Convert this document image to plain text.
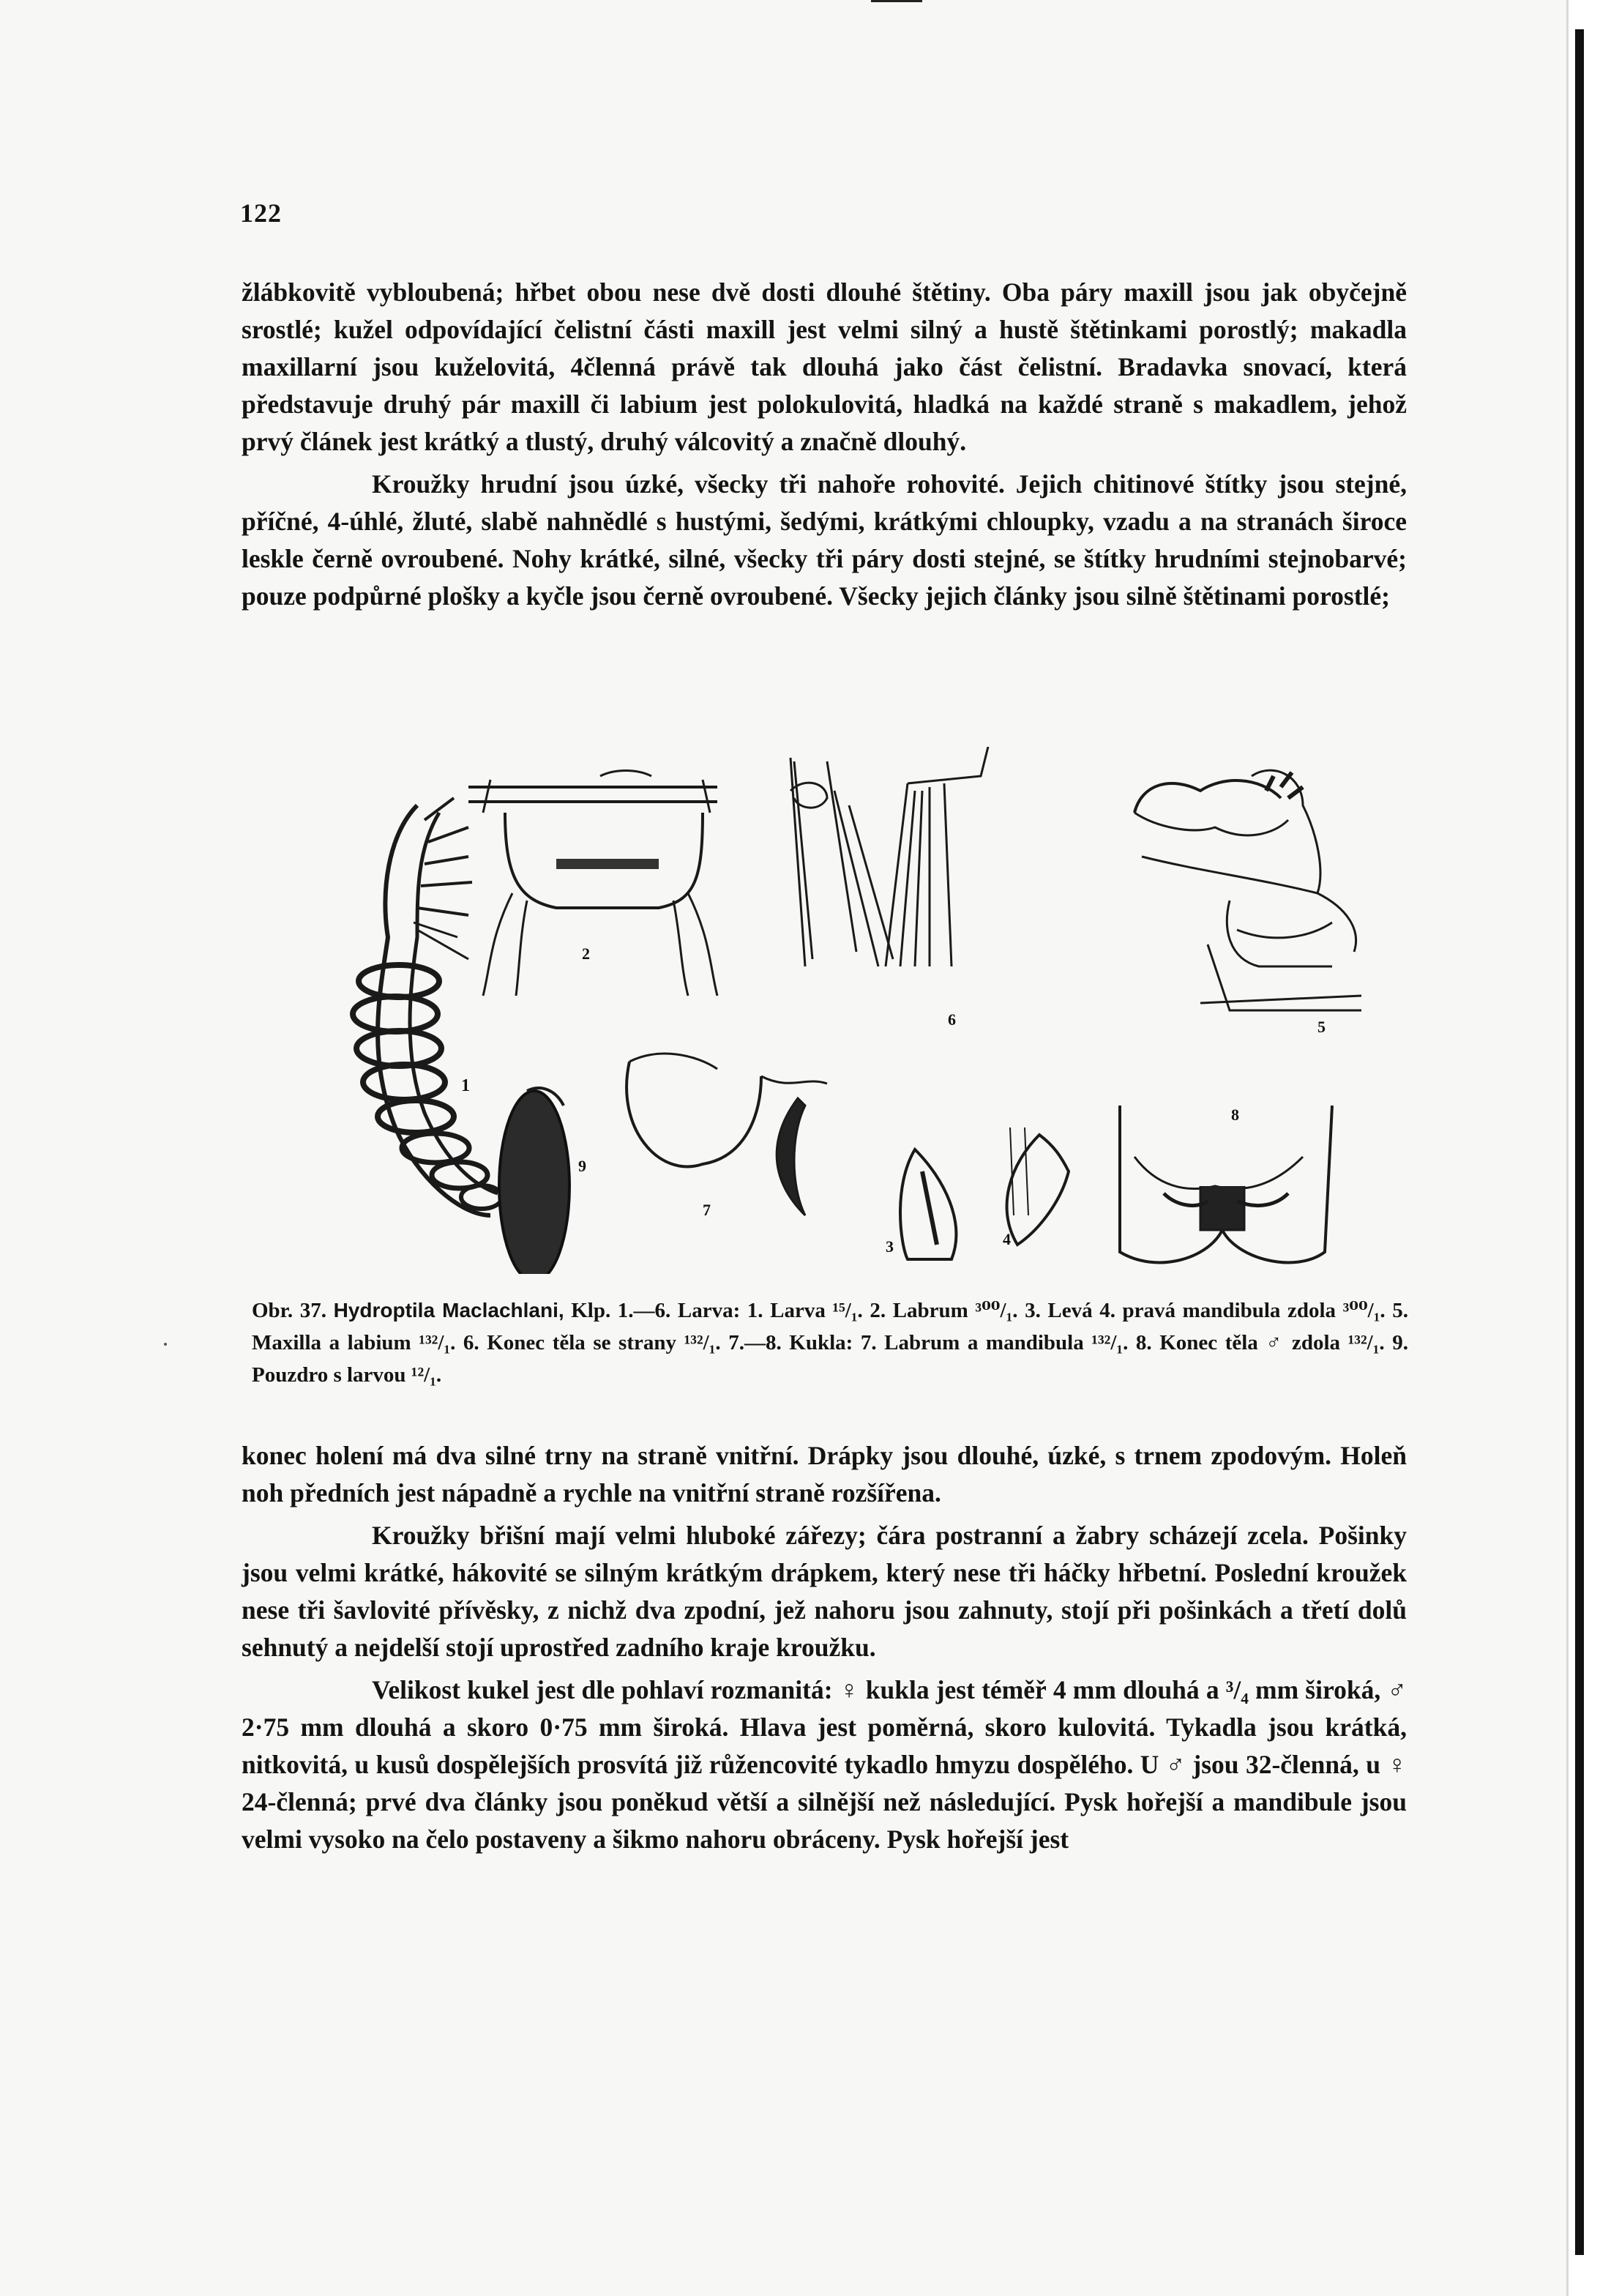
122

žlábkovitě vybloubená; hřbet obou nese dvě dosti dlouhé štětiny. Oba páry maxill jsou jak obyčejně srostlé; kužel odpovídající čelistní části maxill jest velmi silný a hustě štětinkami porostlý; makadla maxillarní jsou kuželovitá, 4členná právě tak dlouhá jako část čelistní. Bradavka snovací, která představuje druhý pár maxill či labium jest polokulovitá, hladká na každé straně s makadlem, jehož prvý článek jest krátký a tlustý, druhý válcovitý a značně dlouhý.

Kroužky hrudní jsou úzké, všecky tři nahoře rohovité. Jejich chitinové štítky jsou stejné, příčné, 4-úhlé, žluté, slabě nahnědlé s hustými, šedými, krátkými chloupky, vzadu a na stranách široce leskle černě ovroubené. Nohy krátké, silné, všecky tři páry dosti stejné, se štítky hrudními stejnobarvé; pouze podpůrné plošky a kyčle jsou černě ovroubené. Všecky jejich články jsou silně štětinami porostlé;

1
2
6	5
9
7
3	4
8
Obr. 37. Hydroptila Maclachlani, Klp. 1.—6. Larva: 1. Larva ¹⁵/₁. 2. Labrum ³⁰⁰/₁. 3. Levá 4. pravá mandibula zdola ³⁰⁰/₁. 5. Maxilla a labium ¹³²/₁. 6. Konec těla se strany ¹³²/₁. 7.—8. Kukla: 7. Labrum a mandibula ¹³²/₁. 8. Konec těla ♂ zdola ¹³²/₁. 9. Pouzdro s larvou ¹²/₁.

konec holení má dva silné trny na straně vnitřní. Drápky jsou dlouhé, úzké, s trnem zpodovým. Holeň noh předních jest nápadně a rychle na vnitřní straně rozšířena.

Kroužky břišní mají velmi hluboké zářezy; čára postranní a žabry scházejí zcela. Pošinky jsou velmi krátké, hákovité se silným krátkým drápkem, který nese tři háčky hřbetní. Poslední kroužek nese tři šavlovité přívěsky, z nichž dva zpodní, jež nahoru jsou zahnuty, stojí při pošinkách a třetí dolů sehnutý a nejdelší stojí uprostřed zadního kraje kroužku.

Velikost kukel jest dle pohlaví rozmanitá: ♀ kukla jest téměř 4 mm dlouhá a ³/₄ mm široká, ♂ 2·75 mm dlouhá a skoro 0·75 mm široká. Hlava jest poměrná, skoro kulovitá. Tykadla jsou krátká, nitkovitá, u kusů dospělejších prosvítá již růžencovité tykadlo hmyzu dospělého. U ♂ jsou 32-členná, u ♀ 24-členná; prvé dva články jsou poněkud větší a silnější než následující. Pysk hořejší a mandibule jsou velmi vysoko na čelo postaveny a šikmo nahoru obráceny. Pysk hořejší jest
